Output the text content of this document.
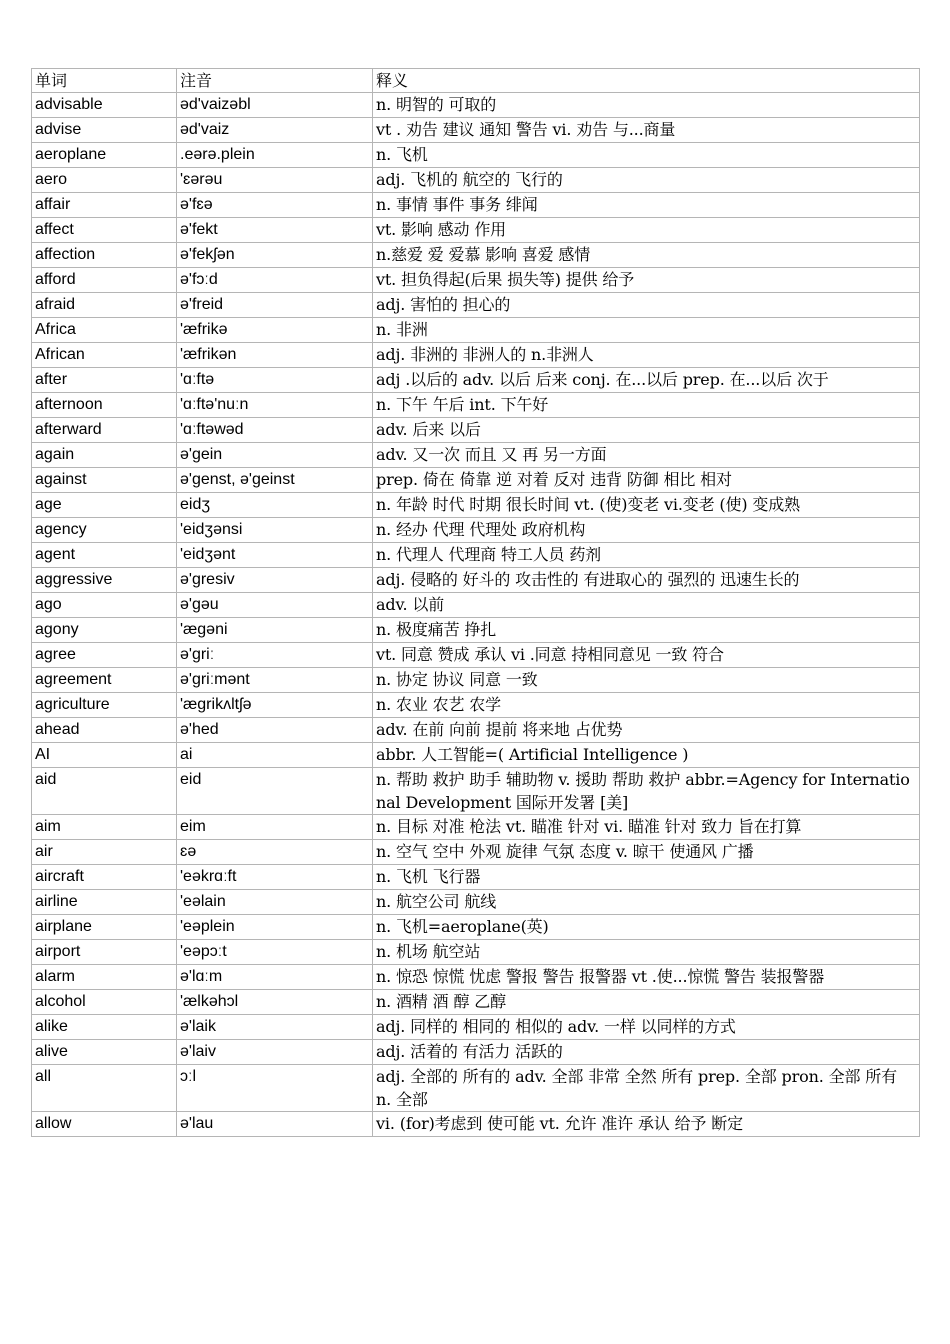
单词	注音	释义
advisable	əd'vaizəbl	n. 明智的 可取的
advise	əd'vaiz	vt . 劝告 建议 通知 警告 vi. 劝告 与...商量
aeroplane	.eərə.plein	n. 飞机
aero	'ɛərəu	adj. 飞机的 航空的 飞行的
affair	ə'fɛə	n. 事情 事件 事务 绯闻
affect	ə'fekt	vt. 影响 感动 作用
affection	ə'fekʃən	n.慈爱 爱 爱慕 影响 喜爱 感情
afford	ə'fɔːd	vt. 担负得起(后果 损失等) 提供 给予
afraid	ə'freid	adj. 害怕的 担心的
Africa	'æfrikə	n. 非洲
African	'æfrikən	adj. 非洲的 非洲人的 n.非洲人
after	'ɑːftə	adj .以后的 adv. 以后 后来 conj. 在...以后 prep. 在...以后 次于
afternoon	'ɑːftə'nuːn	n. 下午 午后 int. 下午好
afterward	'ɑːftəwəd	adv. 后来 以后
again	ə'gein	adv. 又一次 而且 又 再 另一方面
against	ə'genst, ə'geinst	prep. 倚在 倚靠 逆 对着 反对 违背 防御 相比 相对
age	eidʒ	n. 年龄 时代 时期 很长时间 vt. (使)变老 vi.变老 (使) 变成熟
agency	'eidʒənsi	n. 经办 代理 代理处 政府机构
agent	'eidʒənt	n. 代理人 代理商 特工人员 药剂
aggressive	ə'gresiv	adj. 侵略的 好斗的 攻击性的 有进取心的 强烈的 迅速生长的
ago	ə'gəu	adv. 以前
agony	'ægəni	n. 极度痛苦 挣扎
agree	ə'griː	vt. 同意 赞成 承认 vi .同意 持相同意见 一致 符合
agreement	ə'griːmənt	n. 协定 协议 同意 一致
agriculture	'ægrikʌltʃə	n. 农业 农艺 农学
ahead	ə'hed	adv. 在前 向前 提前 将来地 占优势
AI	ai	abbr. 人工智能=( Artificial Intelligence )
aid	eid	n. 帮助 救护 助手 辅助物 v. 援助 帮助 救护 abbr.=Agency for International Development 国际开发署 [美]
aim	eim	n. 目标 对准 枪法 vt. 瞄准 针对 vi. 瞄准 针对 致力 旨在打算
air	ɛə	n. 空气 空中 外观 旋律 气氛 态度 v. 晾干 使通风 广播
aircraft	'eəkrɑːft	n. 飞机 飞行器
airline	'eəlain	n. 航空公司 航线
airplane	'eəplein	n. 飞机=aeroplane(英)
airport	'eəpɔːt	n. 机场 航空站
alarm	ə'lɑːm	n. 惊恐 惊慌 忧虑 警报 警告 报警器 vt .使...惊慌 警告 装报警器
alcohol	'ælkəhɔl	n. 酒精 酒 醇 乙醇
alike	ə'laik	adj. 同样的 相同的 相似的 adv. 一样 以同样的方式
alive	ə'laiv	adj. 活着的 有活力 活跃的
all	ɔːl	adj. 全部的 所有的 adv. 全部 非常 全然 所有 prep. 全部 pron. 全部 所有 n. 全部
allow	ə'lau	vi. (for)考虑到 使可能 vt. 允许 准许 承认 给予 断定
